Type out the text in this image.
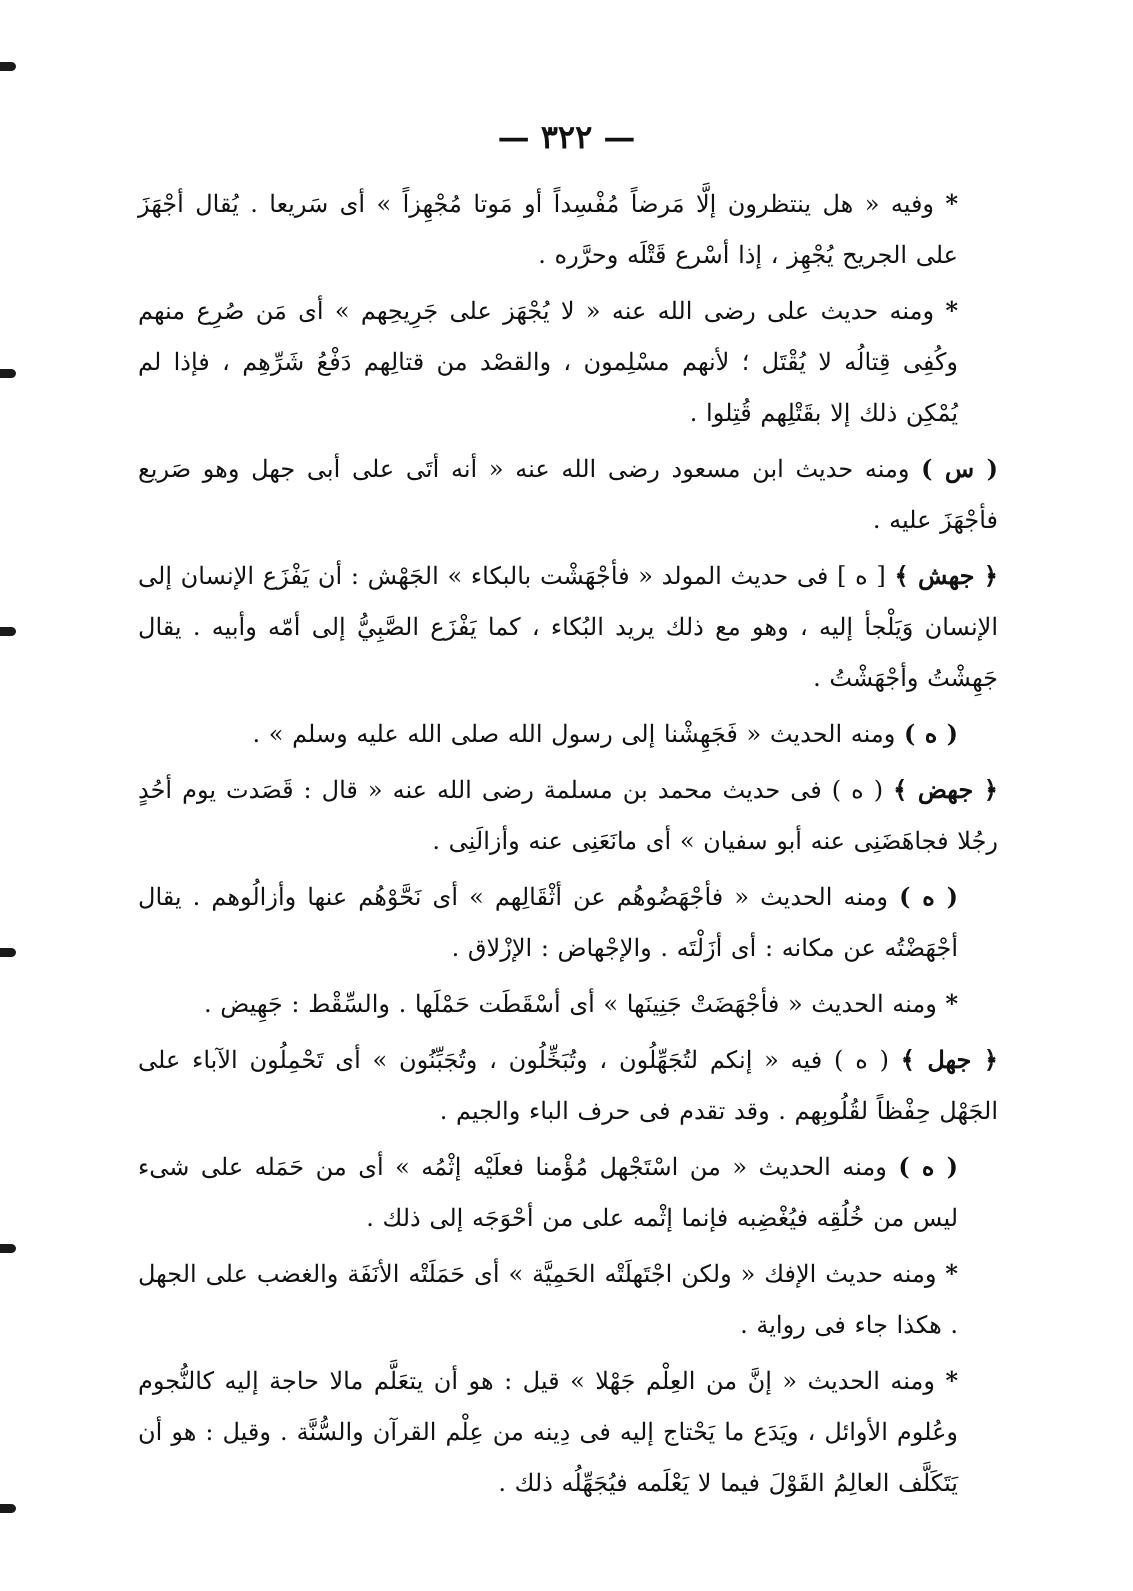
— ٣٢٢ —

* وفيه « هل ينتظرون إلَّا مَرضاً مُفْسِداً أو مَوتا مُجْهِزاً » أى سَريعا . يُقال أجْهَزَ على الجريح يُجْهِز ، إذا أسْرع قَتْلَه وحرَّره .

* ومنه حديث على رضى الله عنه « لا يُجْهَز على جَرِيحِهم » أى مَن صُرِع منهم وكُفِى قِتالُه لا يُقْتَل ؛ لأنهم مسْلِمون ، والقصْد من قتالِهم دَفْعُ شَرِّهِم ، فإذا لم يُمْكِن ذلك إلا بقَتْلِهم قُتِلوا .

( س ) ومنه حديث ابن مسعود رضى الله عنه « أنه أتَى على أبى جهل وهو صَريع فأجْهَزَ عليه .

﴿ جهش ﴾ [ ه ] فى حديث المولد « فأجْهَشْت بالبكاء » الجَهْش : أن يَفْزَع الإنسان إلى الإنسان وَيَلْجأ إليه ، وهو مع ذلك يريد البُكاء ، كما يَفْزَع الصَّبِيُّ إلى أمّه وأبيه . يقال جَهِشْتُ وأجْهَشْتُ .

( ه ) ومنه الحديث « فَجَهِشْنا إلى رسول الله صلى الله عليه وسلم » .

﴿ جهض ﴾ ( ه ) فى حديث محمد بن مسلمة رضى الله عنه « قال : قَصَدت يوم أحُدٍ رجُلا فجاهَضَنِى عنه أبو سفيان » أى مانَعَنِى عنه وأزالَنِى .

( ه ) ومنه الحديث « فأجْهَضُوهُم عن أثْقَالِهم » أى نَحَّوْهُم عنها وأزالُوهم . يقال أجْهَضْتُه عن مكانه : أى أزَلْتَه . والإجْهاض : الإزْلاق .

* ومنه الحديث « فأجْهَضَتْ جَنِينَها » أى أسْقَطَت حَمْلَها . والسِّقْط : جَهِيض .

﴿ جهل ﴾ ( ه ) فيه « إنكم لتُجَهِّلُون ، وتُبَخِّلُون ، وتُجَبِّنُون » أى تَحْمِلُون الآباء على الجَهْل حِفْظاً لقُلُوبِهم . وقد تقدم فى حرف الباء والجيم .

( ه ) ومنه الحديث « من اسْتَجْهل مُؤْمنا فعلَيْه إثْمُه » أى من حَمَله على شىء ليس من خُلُقِه فيُغْضِبه فإنما إثْمه على من أحْوَجَه إلى ذلك .

* ومنه حديث الإفك « ولكن اجْتَهلَتْه الحَمِيَّة » أى حَمَلَتْه الأنَفَة والغضب على الجهل . هكذا جاء فى رواية .

* ومنه الحديث « إنَّ من العِلْم جَهْلا » قيل : هو أن يتعَلَّم مالا حاجة إليه كالنُّجوم وعُلوم الأوائل ، ويَدَع ما يَحْتاج إليه فى دِينه من عِلْم القرآن والسُّنَّة . وقيل : هو أن يَتَكَلَّف العالِمُ القَوْلَ فيما لا يَعْلَمه فيُجَهِّلُه ذلك .
